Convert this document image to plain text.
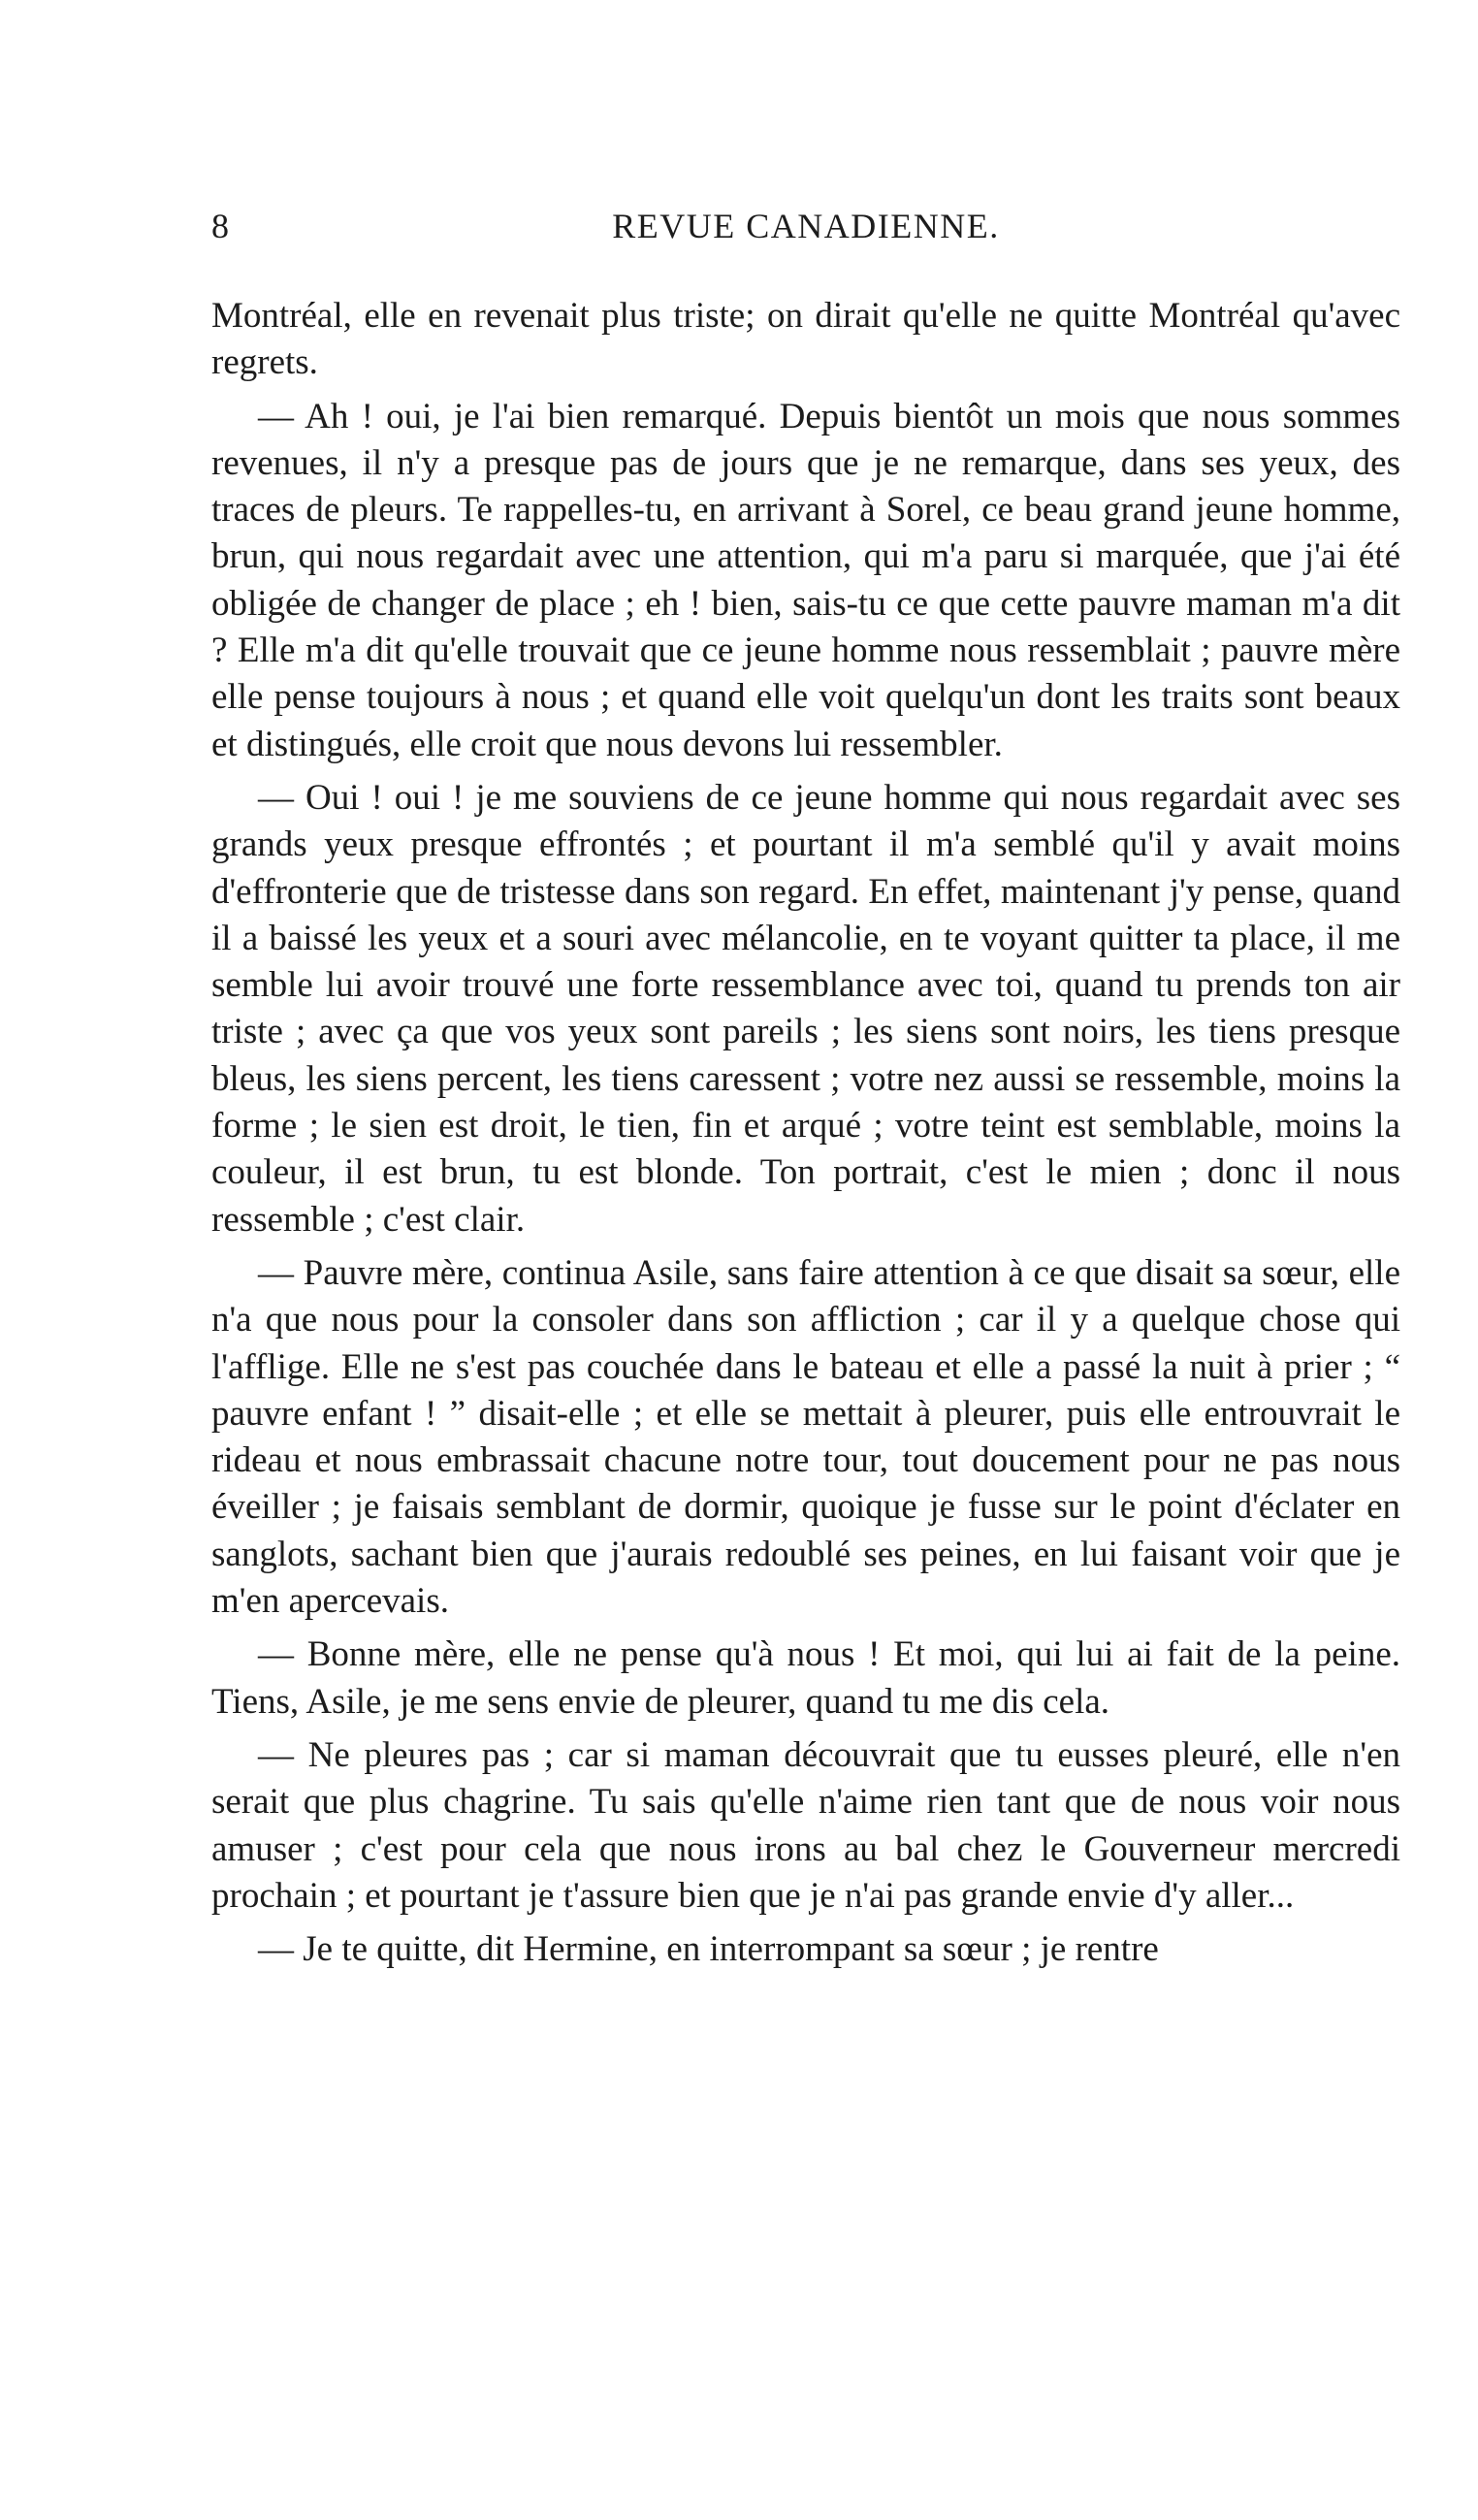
8	REVUE CANADIENNE.

Montréal, elle en revenait plus triste; on dirait qu'elle ne quitte Montréal qu'avec regrets.

— Ah ! oui, je l'ai bien remarqué. Depuis bientôt un mois que nous sommes revenues, il n'y a presque pas de jours que je ne remarque, dans ses yeux, des traces de pleurs. Te rappelles-tu, en arrivant à Sorel, ce beau grand jeune homme, brun, qui nous regardait avec une attention, qui m'a paru si marquée, que j'ai été obligée de changer de place ; eh ! bien, sais-tu ce que cette pauvre maman m'a dit ? Elle m'a dit qu'elle trouvait que ce jeune homme nous ressemblait ; pauvre mère elle pense toujours à nous ; et quand elle voit quelqu'un dont les traits sont beaux et distingués, elle croit que nous devons lui ressembler.

— Oui ! oui ! je me souviens de ce jeune homme qui nous regardait avec ses grands yeux presque effrontés ; et pourtant il m'a semblé qu'il y avait moins d'effronterie que de tristesse dans son regard. En effet, maintenant j'y pense, quand il a baissé les yeux et a souri avec mélancolie, en te voyant quitter ta place, il me semble lui avoir trouvé une forte ressemblance avec toi, quand tu prends ton air triste ; avec ça que vos yeux sont pareils ; les siens sont noirs, les tiens presque bleus, les siens percent, les tiens caressent ; votre nez aussi se ressemble, moins la forme ; le sien est droit, le tien, fin et arqué ; votre teint est semblable, moins la couleur, il est brun, tu est blonde. Ton portrait, c'est le mien ; donc il nous ressemble ; c'est clair.

— Pauvre mère, continua Asile, sans faire attention à ce que disait sa sœur, elle n'a que nous pour la consoler dans son affliction ; car il y a quelque chose qui l'afflige. Elle ne s'est pas couchée dans le bateau et elle a passé la nuit à prier ; “ pauvre enfant ! ” disait-elle ; et elle se mettait à pleurer, puis elle entrouvrait le rideau et nous embrassait chacune notre tour, tout doucement pour ne pas nous éveiller ; je faisais semblant de dormir, quoique je fusse sur le point d'éclater en sanglots, sachant bien que j'aurais redoublé ses peines, en lui faisant voir que je m'en apercevais.

— Bonne mère, elle ne pense qu'à nous ! Et moi, qui lui ai fait de la peine. Tiens, Asile, je me sens envie de pleurer, quand tu me dis cela.

— Ne pleures pas ; car si maman découvrait que tu eusses pleuré, elle n'en serait que plus chagrine. Tu sais qu'elle n'aime rien tant que de nous voir nous amuser ; c'est pour cela que nous irons au bal chez le Gouverneur mercredi prochain ; et pourtant je t'assure bien que je n'ai pas grande envie d'y aller...

— Je te quitte, dit Hermine, en interrompant sa sœur ; je rentre
